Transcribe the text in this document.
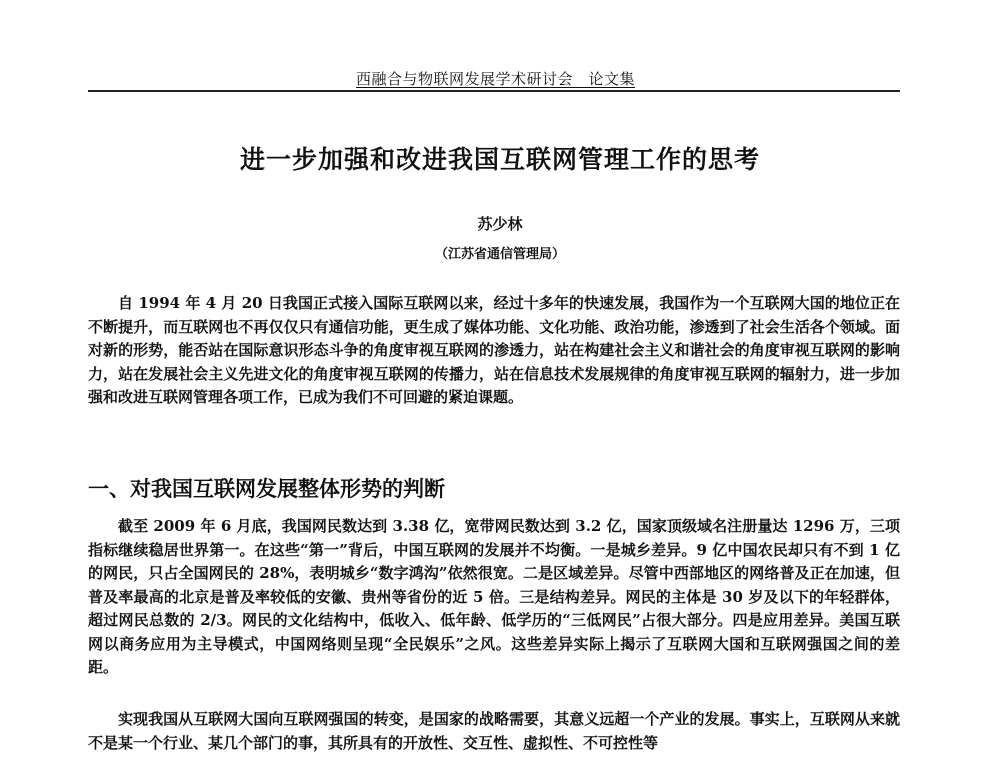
西融合与物联网发展学术研讨会　论文集
进一步加强和改进我国互联网管理工作的思考
苏少林
（江苏省通信管理局）

自 1994 年 4 月 20 日我国正式接入国际互联网以来，经过十多年的快速发展，我国作为一个互联网大国的地位正在不断提升，而互联网也不再仅仅只有通信功能，更生成了媒体功能、文化功能、政治功能，渗透到了社会生活各个领域。面对新的形势，能否站在国际意识形态斗争的角度审视互联网的渗透力，站在构建社会主义和谐社会的角度审视互联网的影响力，站在发展社会主义先进文化的角度审视互联网的传播力，站在信息技术发展规律的角度审视互联网的辐射力，进一步加强和改进互联网管理各项工作，已成为我们不可回避的紧迫课题。

一、对我国互联网发展整体形势的判断

截至 2009 年 6 月底，我国网民数达到 3.38 亿，宽带网民数达到 3.2 亿，国家顶级域名注册量达 1296 万，三项指标继续稳居世界第一。在这些“第一”背后，中国互联网的发展并不均衡。一是城乡差异。9 亿中国农民却只有不到 1 亿的网民，只占全国网民的 28%，表明城乡“数字鸿沟”依然很宽。二是区域差异。尽管中西部地区的网络普及正在加速，但普及率最高的北京是普及率较低的安徽、贵州等省份的近 5 倍。三是结构差异。网民的主体是 30 岁及以下的年轻群体，超过网民总数的 2/3。网民的文化结构中，低收入、低年龄、低学历的“三低网民”占很大部分。四是应用差异。美国互联网以商务应用为主导模式，中国网络则呈现“全民娱乐”之风。这些差异实际上揭示了互联网大国和互联网强国之间的差距。

实现我国从互联网大国向互联网强国的转变，是国家的战略需要，其意义远超一个产业的发展。事实上，互联网从来就不是某一个行业、某几个部门的事，其所具有的开放性、交互性、虚拟性、不可控性等
